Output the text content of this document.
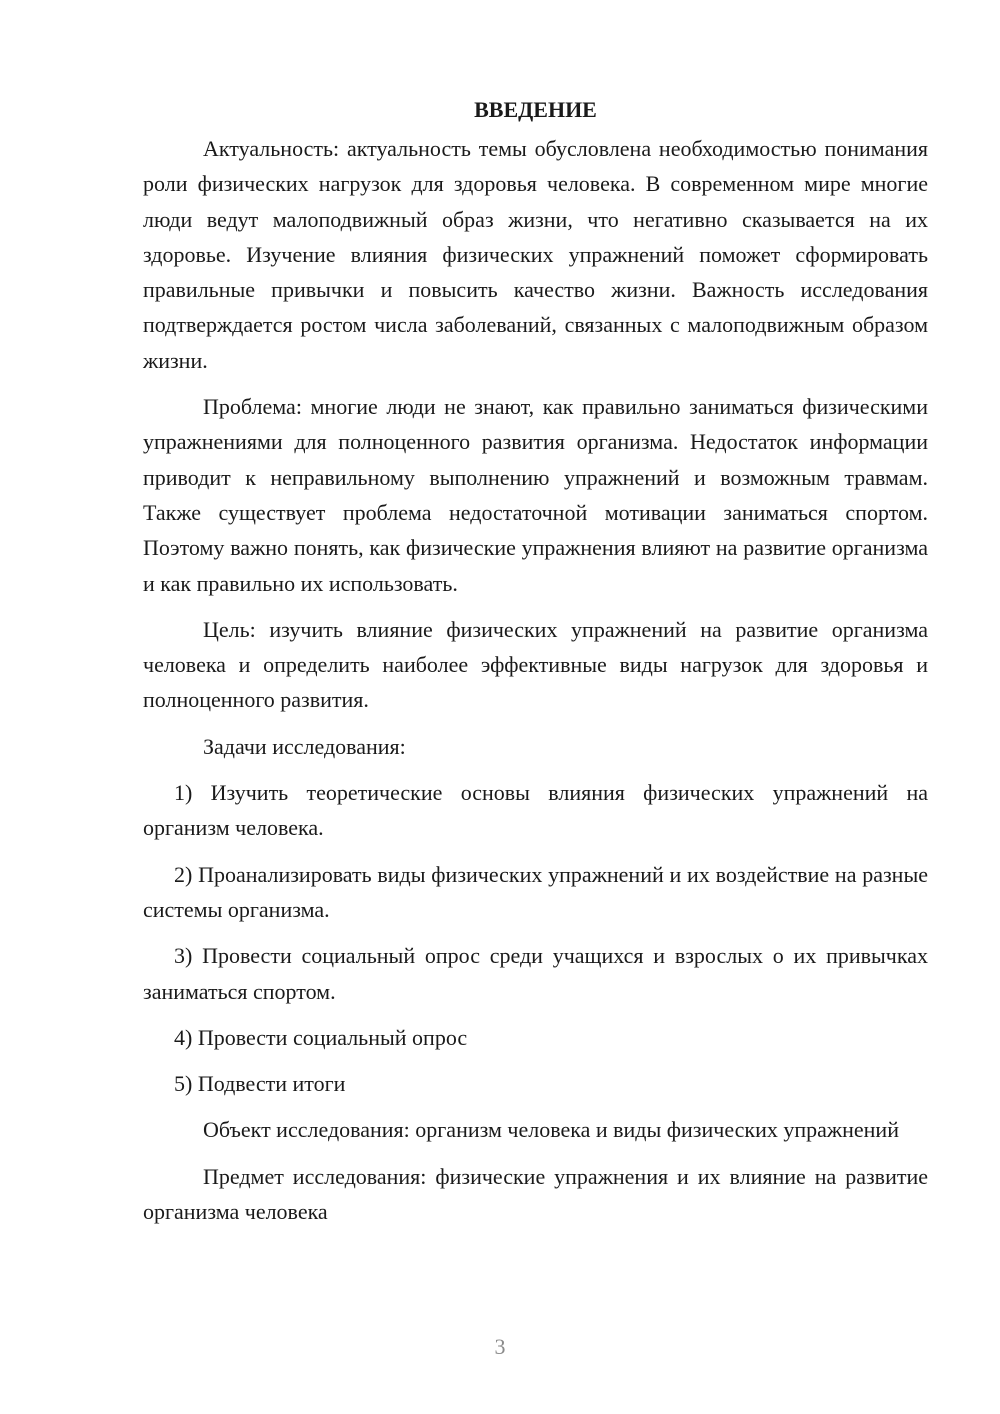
ВВЕДЕНИЕ

Актуальность: актуальность темы обусловлена необходимостью понимания роли физических нагрузок для здоровья человека. В современном мире многие люди ведут малоподвижный образ жизни, что негативно сказывается на их здоровье. Изучение влияния физических упражнений поможет сформировать правильные привычки и повысить качество жизни. Важность исследования подтверждается ростом числа заболеваний, связанных с малоподвижным образом жизни.

Проблема: многие люди не знают, как правильно заниматься физическими упражнениями для полноценного развития организма. Недостаток информации приводит к неправильному выполнению упражнений и возможным травмам. Также существует проблема недостаточной мотивации заниматься спортом. Поэтому важно понять, как физические упражнения влияют на развитие организма и как правильно их использовать.

Цель: изучить влияние физических упражнений на развитие организма человека и определить наиболее эффективные виды нагрузок для здоровья и полноценного развития.

Задачи исследования:

1) Изучить теоретические основы влияния физических упражнений на организм человека.

2) Проанализировать виды физических упражнений и их воздействие на разные системы организма.

3) Провести социальный опрос среди учащихся и взрослых о их привычках заниматься спортом.

4) Провести социальный опрос

5) Подвести итоги

Объект исследования: организм человека и виды физических упражнений

Предмет исследования: физические упражнения и их влияние на развитие организма человека

3
